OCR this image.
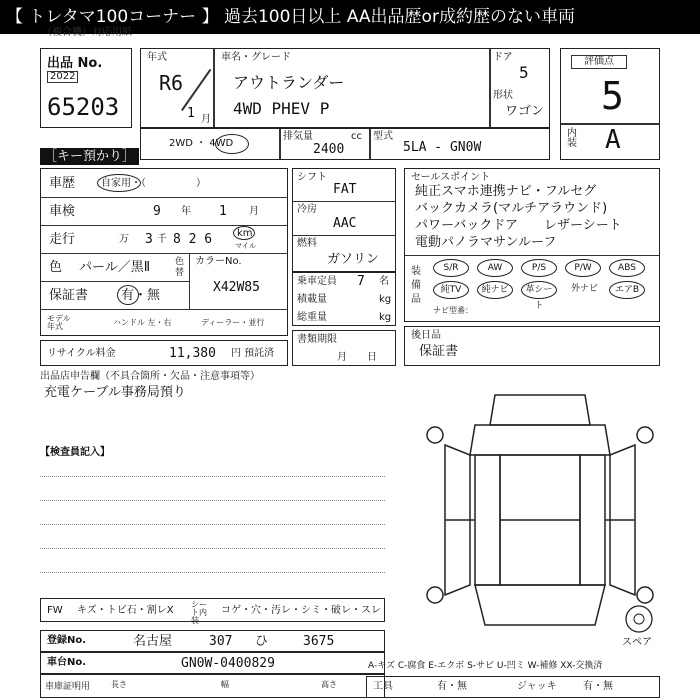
【 トレタマ100コーナー 】 過去100日以上 AA出品歴or成約歴のない車両
（複合機）対応用紙
出品 No.
2022
65203
年式
R6
1 月
車名・グレード
アウトランダー
4WD PHEV P
ドア
5
形状
ワゴン
評価点
5
内装 A
2WD ・ 4WD
排気量	cc
2400
型式
5LA - GN0W
［キー預かり］
車歴	自家用・（　　　　　）
車検	9 年 1 月
走行	万 3 千 8 2 6 km
マイル
色 パール／黒Ⅱ	色替
カラーNo.
X42W85
保証書	有・無
モデル年式	ハンドル 左・右	ディーラー・並行
リサイクル料金	11,380 円 預託済
シフト
FAT
冷房
AAC
燃料
ガソリン
乗車定員 7 名
積載量	kg
総重量	kg
書類期限
月　　日
セールスポイント
純正スマホ連携ナビ・フルセグ
バックカメラ(マルチアラウンド)
パワーバックドア　　レザーシート
電動パノラマサンルーフ
装備品
S/R	AW	P/S	P/W	ABS
純TV	純ナビ	革シート
外ナビ	エアB
ナビ型番：
後日品
保証書
出品店申告欄（不具合箇所・欠品・注意事項等）
充電ケーブル事務局預り
【検査員記入】
スペア
FW キズ・トビ石・割レX
シート内装
コゲ・穴・汚レ・シミ・破レ・スレ
登録No.	名古屋	307 ひ	3675
車台No.	GN0W-0400829
車庫証明用	長さ	幅	高さ
A-キズ C-腐食 E-エクボ S-サビ U-凹ミ W-補修 XX-交換済
工具	有・無	ジャッキ	有・無
